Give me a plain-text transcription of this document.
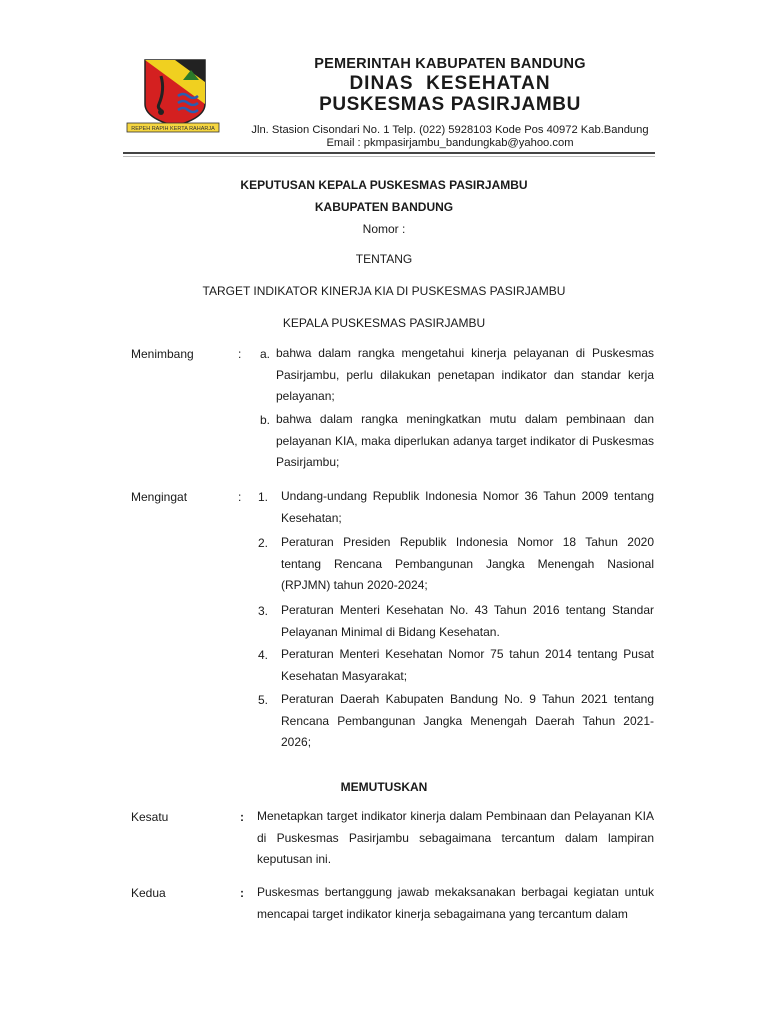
REPEH RAPIH KERTA RAHARJA
PEMERINTAH KABUPATEN BANDUNG
DINAS  KESEHATAN
PUSKESMAS PASIRJAMBU
Jln. Stasion Cisondari No. 1 Telp. (022) 5928103 Kode Pos 40972 Kab.Bandung
Email : pkmpasirjambu_bandungkab@yahoo.com
KEPUTUSAN KEPALA PUSKESMAS PASIRJAMBU
KABUPATEN BANDUNG
Nomor :
TENTANG
TARGET INDIKATOR KINERJA KIA DI PUSKESMAS PASIRJAMBU
KEPALA PUSKESMAS PASIRJAMBU
Menimbang	: a. bahwa dalam rangka mengetahui kinerja pelayanan di Puskesmas Pasirjambu, perlu dilakukan penetapan indikator dan standar kerja pelayanan;
b. bahwa dalam rangka meningkatkan mutu dalam pembinaan dan pelayanan KIA, maka diperlukan adanya target indikator di Puskesmas Pasirjambu;
Mengingat	: 1. Undang-undang Republik Indonesia Nomor 36 Tahun 2009 tentang Kesehatan;
2. Peraturan Presiden Republik Indonesia Nomor 18 Tahun 2020 tentang Rencana Pembangunan Jangka Menengah Nasional (RPJMN) tahun 2020-2024;
3. Peraturan Menteri Kesehatan No. 43 Tahun 2016 tentang Standar Pelayanan Minimal di Bidang Kesehatan.
4. Peraturan Menteri Kesehatan Nomor 75 tahun 2014 tentang Pusat Kesehatan Masyarakat;
5. Peraturan Daerah Kabupaten Bandung No. 9 Tahun 2021 tentang Rencana Pembangunan Jangka Menengah Daerah Tahun 2021-2026;
MEMUTUSKAN
Kesatu	: Menetapkan target indikator kinerja dalam Pembinaan dan Pelayanan KIA di Puskesmas Pasirjambu sebagaimana tercantum dalam lampiran keputusan ini.
Kedua	: Puskesmas bertanggung jawab mekaksanakan berbagai kegiatan untuk mencapai target indikator kinerja sebagaimana yang tercantum dalam
